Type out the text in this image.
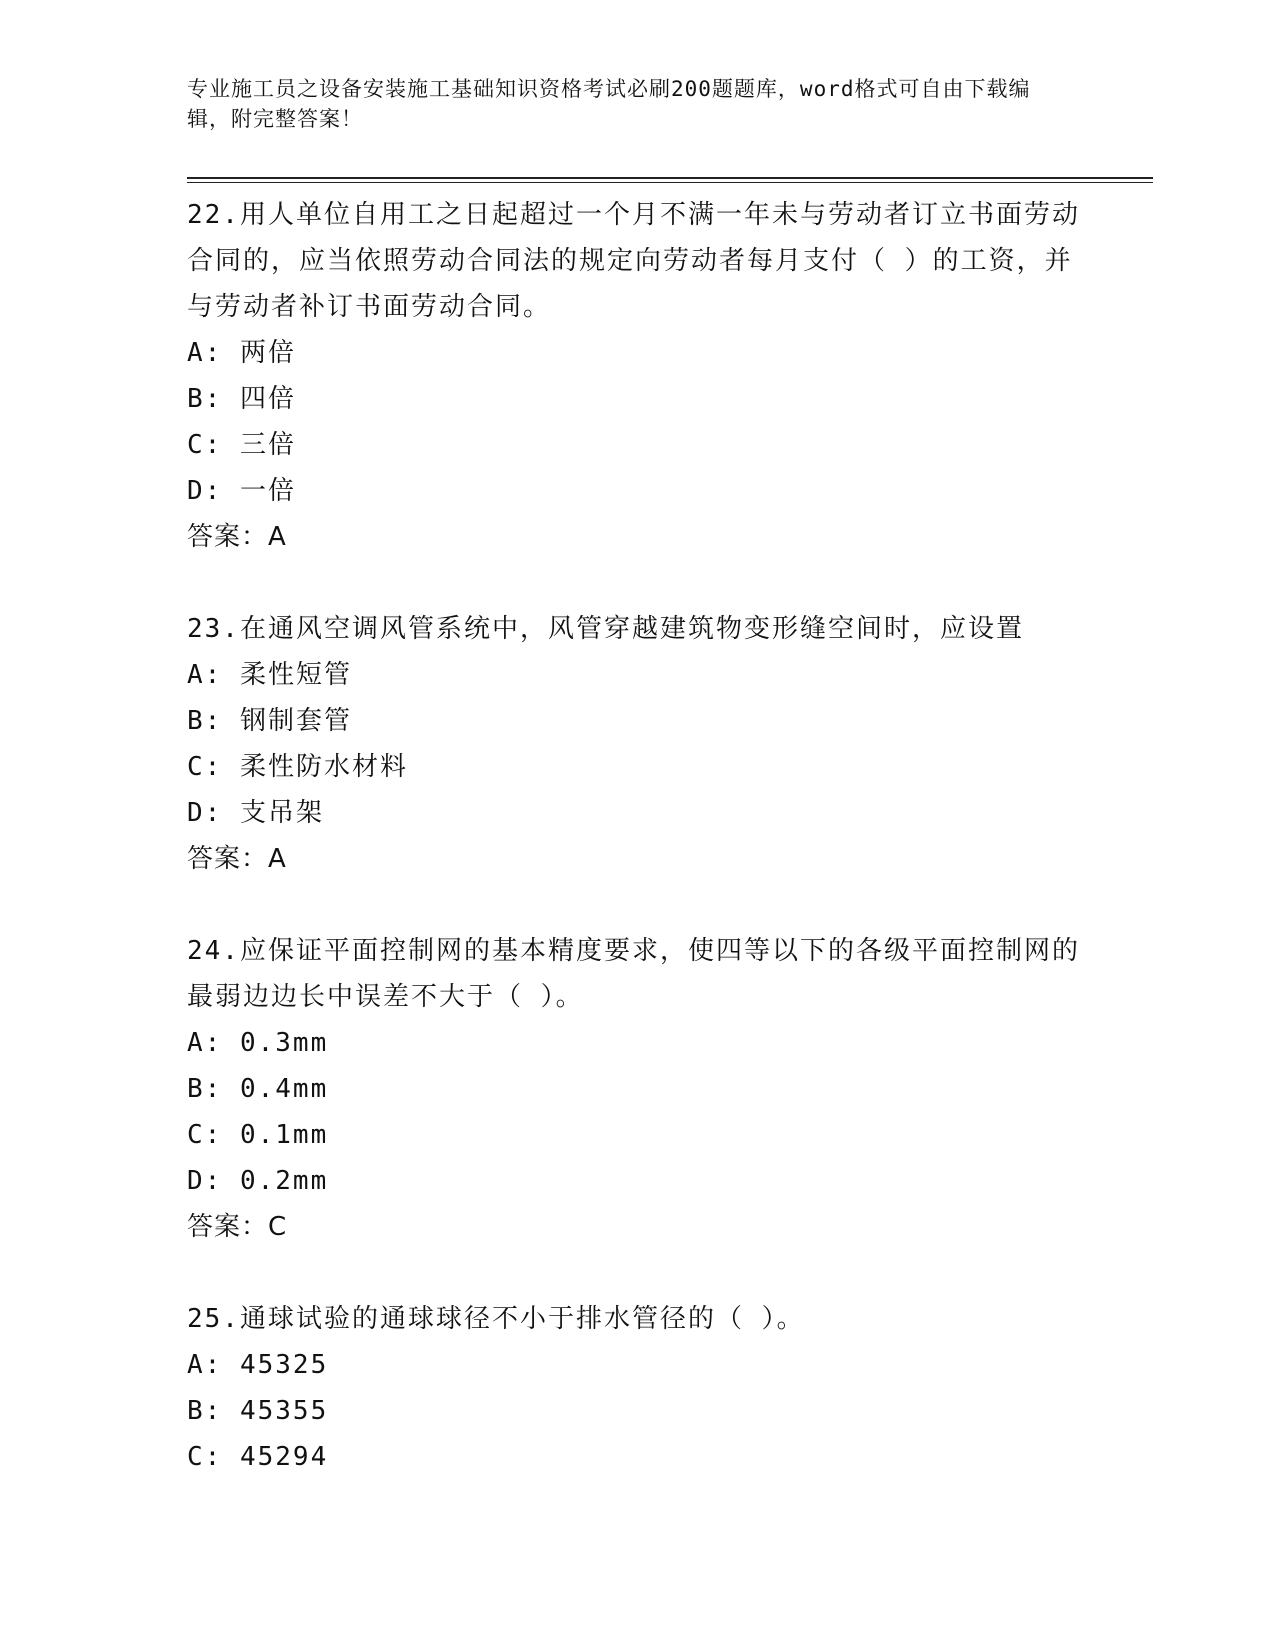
专业施工员之设备安装施工基础知识资格考试必刷200题题库，word格式可自由下载编辑，附完整答案！

22.用人单位自用工之日起超过一个月不满一年未与劳动者订立书面劳动合同的，应当依照劳动合同法的规定向劳动者每月支付（ ）的工资，并与劳动者补订书面劳动合同。

A: 两倍

B: 四倍

C: 三倍

D: 一倍

答案：A

23.在通风空调风管系统中，风管穿越建筑物变形缝空间时，应设置

A: 柔性短管

B: 钢制套管

C: 柔性防水材料

D: 支吊架

答案：A

24.应保证平面控制网的基本精度要求，使四等以下的各级平面控制网的最弱边边长中误差不大于（ ）。

A: 0.3mm

B: 0.4mm

C: 0.1mm

D: 0.2mm

答案：C

25.通球试验的通球球径不小于排水管径的（ ）。

A: 45325

B: 45355

C: 45294
